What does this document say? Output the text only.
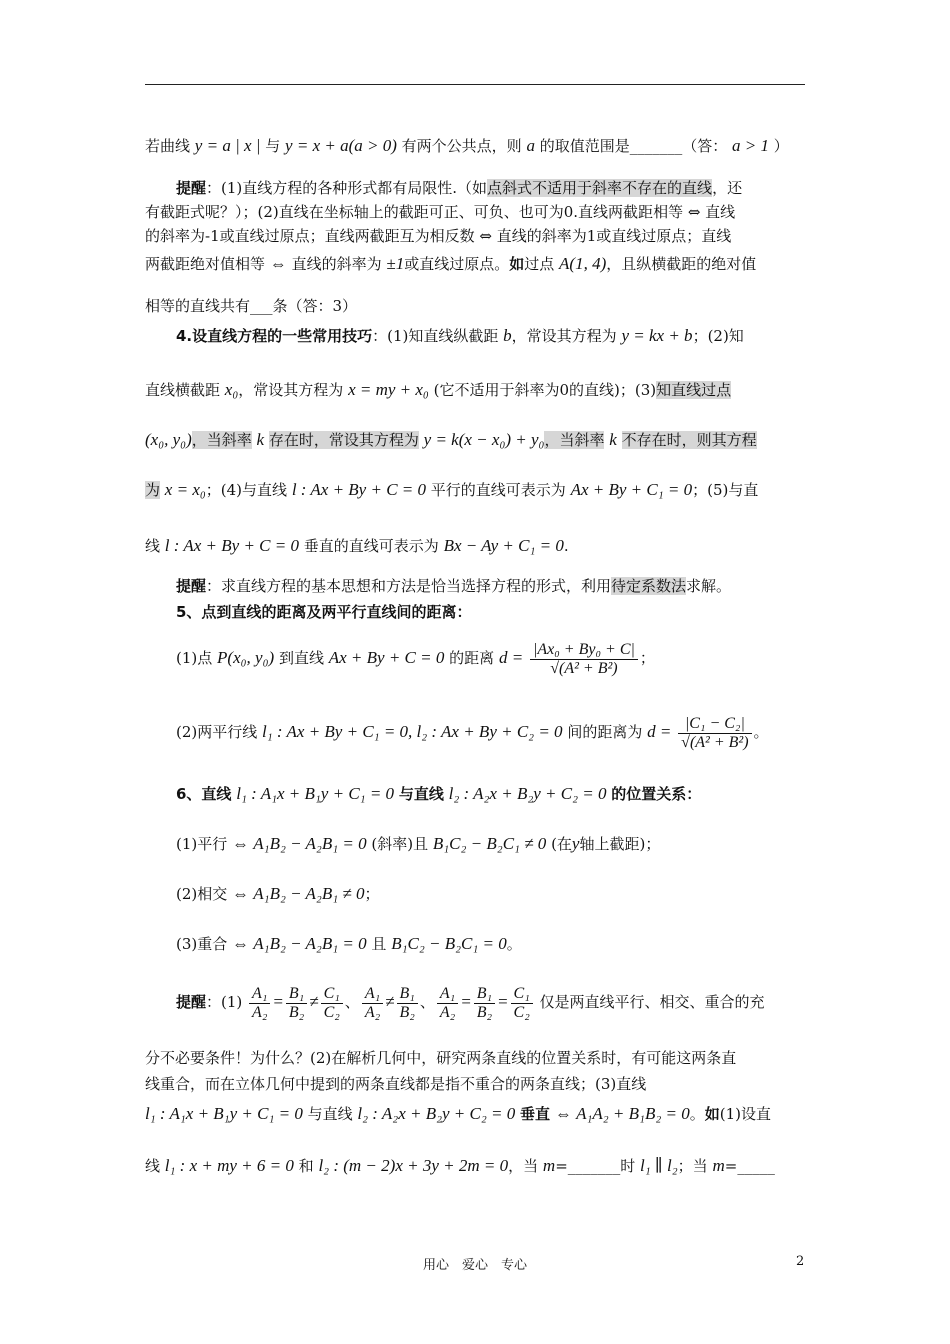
若曲线 y = a | x | 与 y = x + a(a > 0) 有两个公共点，则 a 的取值范围是_______（答： a > 1 ）
提醒：(1)直线方程的各种形式都有局限性.（如点斜式不适用于斜率不存在的直线，还
有截距式呢？）；(2)直线在坐标轴上的截距可正、可负、也可为0.直线两截距相等 ⇔ 直线
的斜率为-1或直线过原点；直线两截距互为相反数 ⇔ 直线的斜率为1或直线过原点；直线
两截距绝对值相等 ⇔ 直线的斜率为 ±1或直线过原点。如过点 A(1, 4)，且纵横截距的绝对值
相等的直线共有___条（答：3）
4.设直线方程的一些常用技巧：(1)知直线纵截距 b，常设其方程为 y = kx + b；(2)知
直线横截距 x₀，常设其方程为 x = my + x₀ (它不适用于斜率为0的直线)；(3)知直线过点
(x₀, y₀)，当斜率 k 存在时，常设其方程为 y = k(x − x₀) + y₀，当斜率 k 不存在时，则其方程
为 x = x₀；(4)与直线 l : Ax + By + C = 0 平行的直线可表示为 Ax + By + C₁ = 0；(5)与直
线 l : Ax + By + C = 0 垂直的直线可表示为 Bx − Ay + C₁ = 0.
提醒：求直线方程的基本思想和方法是恰当选择方程的形式，利用待定系数法求解。
5、点到直线的距离及两平行直线间的距离：
(1)点 P(x₀, y₀) 到直线 Ax + By + C = 0 的距离 $d = \frac{\text{|Ax₀ + By₀ + C|}}{\text{√(A² + B²)}}$ ；
(2)两平行线 l₁ : Ax + By + C₁ = 0, l₂ : Ax + By + C₂ = 0 间的距离为 $d = \frac{\text{|C₁ − C₂|}}{\text{√(A² + B²)}}$ 。
6、直线 l₁ : A₁x + B₁y + C₁ = 0 与直线 l₂ : A₂x + B₂y + C₂ = 0 的位置关系：
(1)平行 ⇔ A₁B₂ − A₂B₁ = 0 (斜率)且 B₁C₂ − B₂C₁ ≠ 0 (在y轴上截距)；
(2)相交 ⇔ A₁B₂ − A₂B₁ ≠ 0；
(3)重合 ⇔ A₁B₂ − A₂B₁ = 0 且 B₁C₂ − B₂C₁ = 0。
提醒：$(1) \frac{\text{A₁}}{\text{A₂}} = \frac{\text{B₁}}{\text{B₂}} \ne \frac{\text{C₁}}{\text{C₂}}$ 、 $\frac{\text{A₁}}{\text{A₂}} \ne \frac{\text{B₁}}{\text{B₂}}$ 、 $\frac{\text{A₁}}{\text{A₂}} = \frac{\text{B₁}}{\text{B₂}} = \frac{\text{C₁}}{\text{C₂}}$ 仅是两直线平行、相交、重合的充
分不必要条件！为什么？(2)在解析几何中，研究两条直线的位置关系时，有可能这两条直
线重合，而在立体几何中提到的两条直线都是指不重合的两条直线；(3)直线
l₁ : A₁x + B₁y + C₁ = 0 与直线 l₂ : A₂x + B₂y + C₂ = 0 垂直 ⇔ A₁A₂ + B₁B₂ = 0。如(1)设直
线 l₁ : x + my + 6 = 0 和 l₂ : (m − 2)x + 3y + 2m = 0，当 m=_______时 l₁ ∥ l₂；当 m=_____
用心　爱心　专心	2
